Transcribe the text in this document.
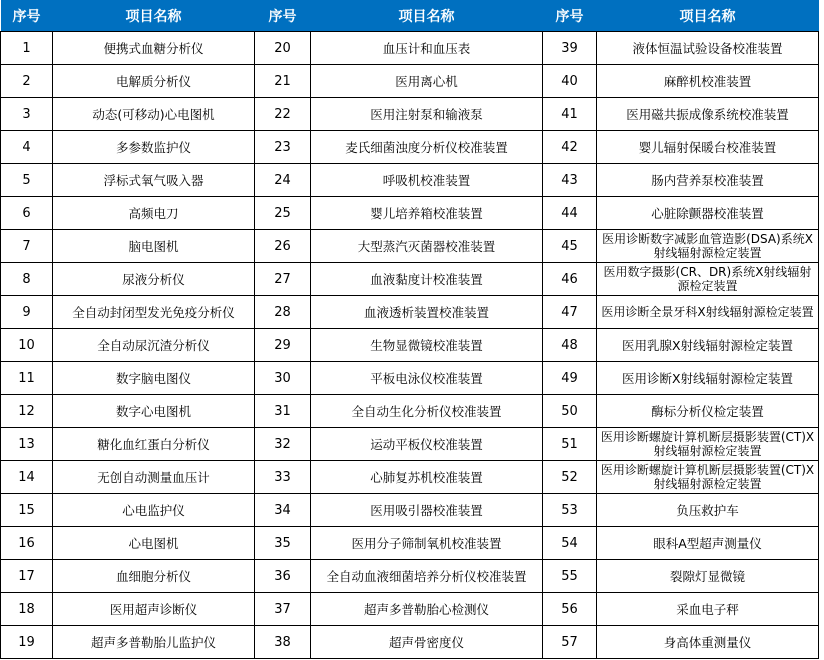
序号	项目名称	序号	项目名称	序号	项目名称
1	便携式血糖分析仪	20	血压计和血压表	39	液体恒温试验设备校准装置
2	电解质分析仪	21	医用离心机	40	麻醉机校准装置
3	动态(可移动)心电图机	22	医用注射泵和输液泵	41	医用磁共振成像系统校准装置
4	多参数监护仪	23	麦氏细菌浊度分析仪校准装置	42	婴儿辐射保暖台校准装置
5	浮标式氧气吸入器	24	呼吸机校准装置	43	肠内营养泵校准装置
6	高频电刀	25	婴儿培养箱校准装置	44	心脏除颤器校准装置
7	脑电图机	26	大型蒸汽灭菌器校准装置	45	医用诊断数字减影血管造影(DSA)系统X射线辐射源检定装置
8	尿液分析仪	27	血液黏度计校准装置	46	医用数字摄影(CR、DR)系统X射线辐射源检定装置
9	全自动封闭型发光免疫分析仪	28	血液透析装置校准装置	47	医用诊断全景牙科X射线辐射源检定装置
10	全自动尿沉渣分析仪	29	生物显微镜校准装置	48	医用乳腺X射线辐射源检定装置
11	数字脑电图仪	30	平板电泳仪校准装置	49	医用诊断X射线辐射源检定装置
12	数字心电图机	31	全自动生化分析仪校准装置	50	酶标分析仪检定装置
13	糖化血红蛋白分析仪	32	运动平板仪校准装置	51	医用诊断螺旋计算机断层摄影装置(CT)X射线辐射源检定装置
14	无创自动测量血压计	33	心肺复苏机校准装置	52	医用诊断螺旋计算机断层摄影装置(CT)X射线辐射源检定装置
15	心电监护仪	34	医用吸引器校准装置	53	负压救护车
16	心电图机	35	医用分子筛制氧机校准装置	54	眼科A型超声测量仪
17	血细胞分析仪	36	全自动血液细菌培养分析仪校准装置	55	裂隙灯显微镜
18	医用超声诊断仪	37	超声多普勒胎心检测仪	56	采血电子秤
19	超声多普勒胎儿监护仪	38	超声骨密度仪	57	身高体重测量仪
